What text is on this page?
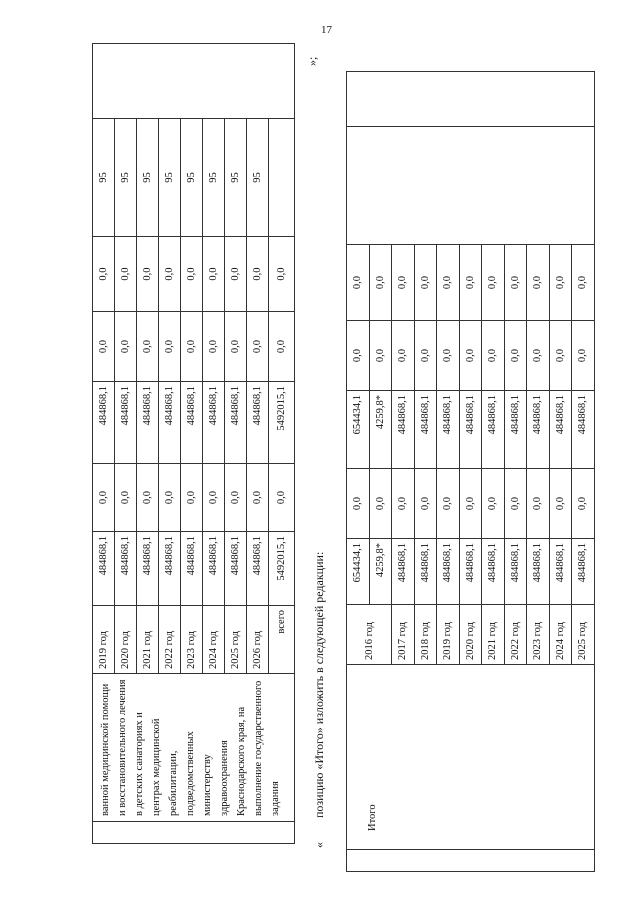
17
»;
	ванной медицинской помощи и восстановительного лечения в детских санаториях и центрах медицинской реабилитации, подведомственных министерству здравоохранения Краснодарского края, на выполнение государственного задания	2019 год	484868,1	0,0	484868,1	0,0	0,0	95	
		2020 год	484868,1	0,0	484868,1	0,0	0,0	95	
		2021 год	484868,1	0,0	484868,1	0,0	0,0	95	
		2022 год	484868,1	0,0	484868,1	0,0	0,0	95	
		2023 год	484868,1	0,0	484868,1	0,0	0,0	95	
		2024 год	484868,1	0,0	484868,1	0,0	0,0	95	
		2025 год	484868,1	0,0	484868,1	0,0	0,0	95	
		2026 год	484868,1	0,0	484868,1	0,0	0,0	95	
		всего	5492015,1	0,0	5492015,1	0,0	0,0		
«        позицию «Итого» изложить в следующей редакции:
		Итого	2016 год	654434,1	0,0	654434,1	0,0	0,0		
			4259,8*	0,0	4259,8*	0,0	0,0		
		2017 год	484868,1	0,0	484868,1	0,0	0,0		
		2018 год	484868,1	0,0	484868,1	0,0	0,0		
		2019 год	484868,1	0,0	484868,1	0,0	0,0		
		2020 год	484868,1	0,0	484868,1	0,0	0,0		
		2021 год	484868,1	0,0	484868,1	0,0	0,0		
		2022 год	484868,1	0,0	484868,1	0,0	0,0		
		2023 год	484868,1	0,0	484868,1	0,0	0,0		
		2024 год	484868,1	0,0	484868,1	0,0	0,0		
		2025 год	484868,1	0,0	484868,1	0,0	0,0		
